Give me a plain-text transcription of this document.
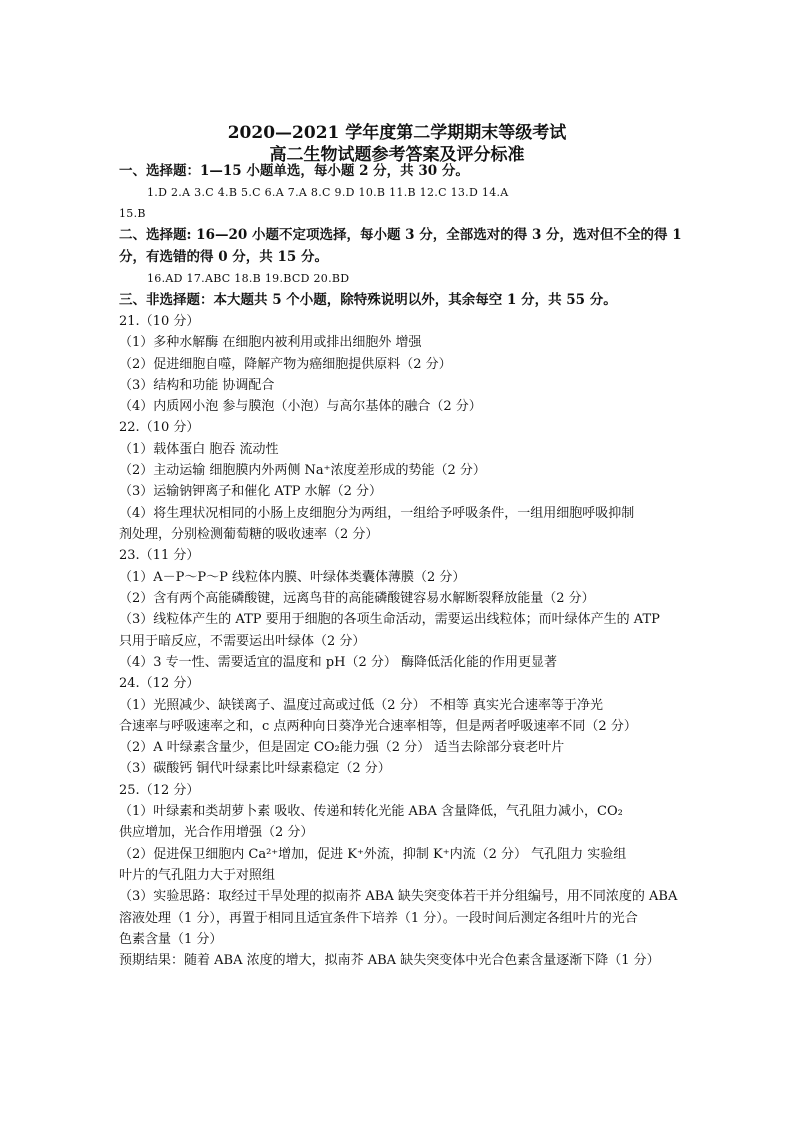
2020—2021 学年度第二学期期末等级考试
高二生物试题参考答案及评分标准
一、选择题：1—15 小题单选，每小题 2 分，共 30 分。
1.D 2.A 3.C 4.B 5.C 6.A 7.A 8.C 9.D 10.B 11.B 12.C 13.D 14.A
15.B
二、选择题: 16—20 小题不定项选择，每小题 3 分，全部选对的得 3 分，选对但不全的得 1
分，有选错的得 0 分，共 15 分。
16.AD 17.ABC 18.B 19.BCD 20.BD
三、非选择题：本大题共 5 个小题，除特殊说明以外，其余每空 1 分，共 55 分。
21.（10 分）
（1）多种水解酶 在细胞内被利用或排出细胞外 增强
（2）促进细胞自噬，降解产物为癌细胞提供原料（2 分）
（3）结构和功能 协调配合
（4）内质网小泡 参与膜泡（小泡）与高尔基体的融合（2 分）
22.（10 分）
（1）载体蛋白 胞吞 流动性
（2）主动运输 细胞膜内外两侧 Na⁺浓度差形成的势能（2 分）
（3）运输钠钾离子和催化 ATP 水解（2 分）
（4）将生理状况相同的小肠上皮细胞分为两组，一组给予呼吸条件，一组用细胞呼吸抑制
剂处理，分别检测葡萄糖的吸收速率（2 分）
23.（11 分）
（1）A－P～P～P 线粒体内膜、叶绿体类囊体薄膜（2 分）
（2）含有两个高能磷酸键，远离鸟苷的高能磷酸键容易水解断裂释放能量（2 分）
（3）线粒体产生的 ATP 要用于细胞的各项生命活动，需要运出线粒体；而叶绿体产生的 ATP
只用于暗反应，不需要运出叶绿体（2 分）
（4）3 专一性、需要适宜的温度和 pH（2 分） 酶降低活化能的作用更显著
24.（12 分）
（1）光照减少、缺镁离子、温度过高或过低（2 分） 不相等 真实光合速率等于净光
合速率与呼吸速率之和，c 点两种向日葵净光合速率相等，但是两者呼吸速率不同（2 分）
（2）A 叶绿素含量少，但是固定 CO₂能力强（2 分） 适当去除部分衰老叶片
（3）碳酸钙 铜代叶绿素比叶绿素稳定（2 分）
25.（12 分）
（1）叶绿素和类胡萝卜素 吸收、传递和转化光能 ABA 含量降低，气孔阻力减小，CO₂
供应增加，光合作用增强（2 分）
（2）促进保卫细胞内 Ca²⁺增加，促进 K⁺外流，抑制 K⁺内流（2 分） 气孔阻力 实验组
叶片的气孔阻力大于对照组
（3）实验思路：取经过干旱处理的拟南芥 ABA 缺失突变体若干并分组编号，用不同浓度的 ABA
溶液处理（1 分），再置于相同且适宜条件下培养（1 分）。一段时间后测定各组叶片的光合
色素含量（1 分）
预期结果：随着 ABA 浓度的增大，拟南芥 ABA 缺失突变体中光合色素含量逐渐下降（1 分）
